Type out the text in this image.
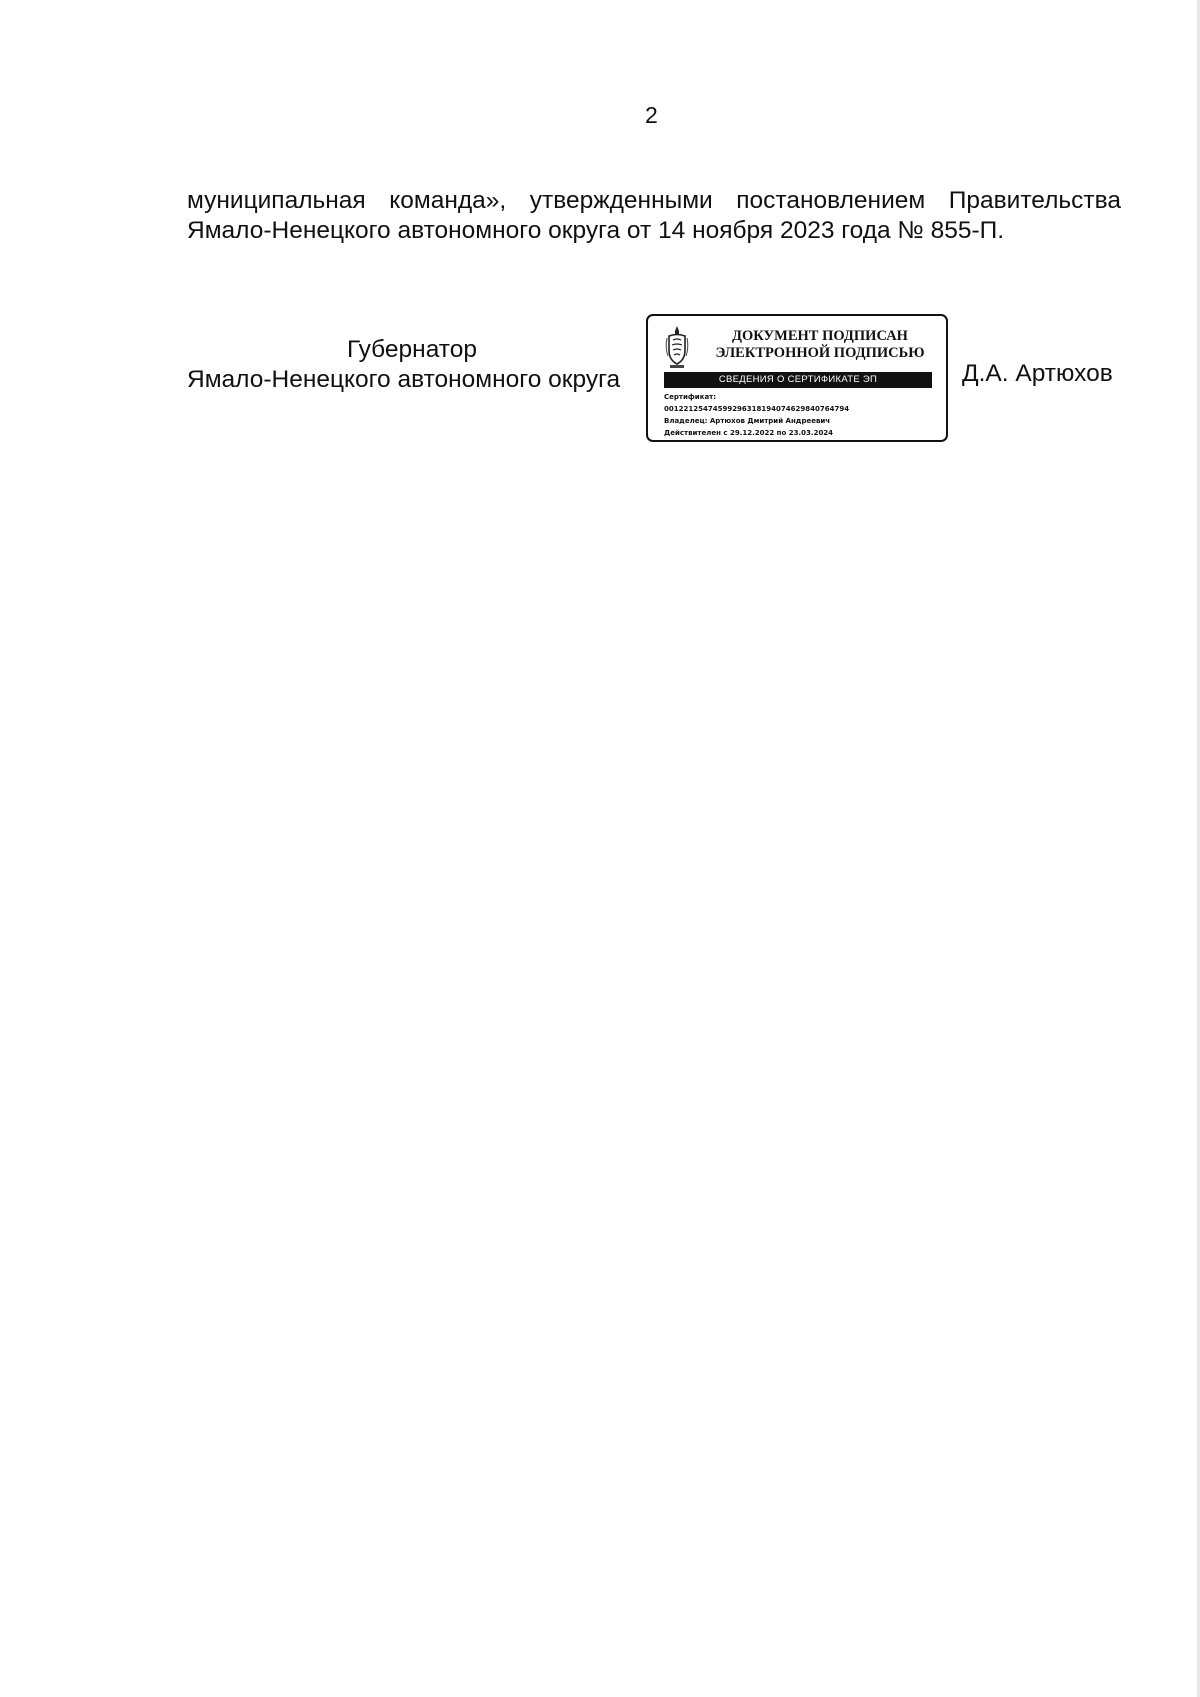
2
муниципальная команда», утвержденными постановлением Правительства
Ямало-Ненецкого автономного округа от 14 ноября 2023 года № 855-П.
Губернатор
Ямало-Ненецкого автономного округа
ДОКУМЕНТ ПОДПИСАН
ЭЛЕКТРОННОЙ ПОДПИСЬЮ
СВЕДЕНИЯ О СЕРТИФИКАТЕ ЭП
Сертификат:
00122125474599296318194074629840764794
Владелец: Артюхов Дмитрий Андреевич
Действителен с 29.12.2022 по 23.03.2024
Д.А. Артюхов
